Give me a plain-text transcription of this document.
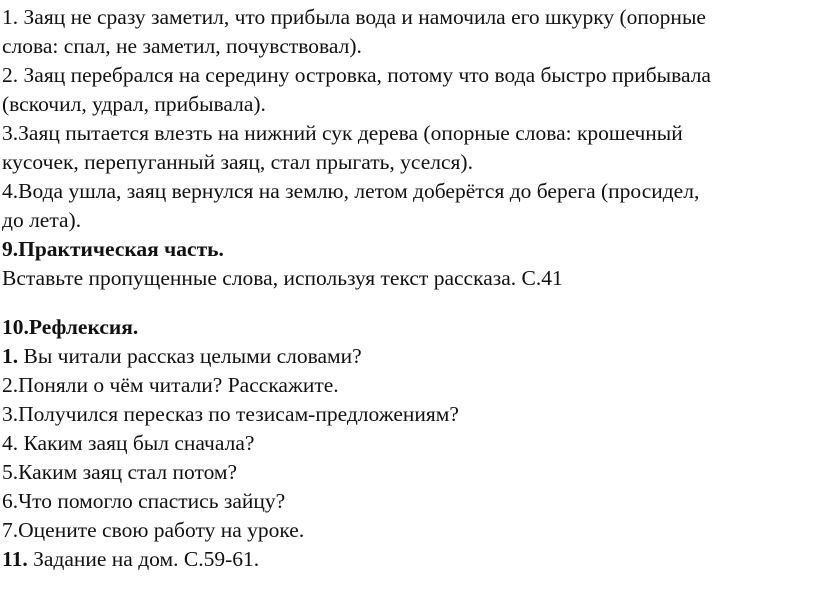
1. Заяц не сразу заметил, что прибыла вода и намочила его шкурку (опорные
слова: спал, не заметил, почувствовал).
2. Заяц перебрался на середину островка, потому что вода быстро прибывала
(вскочил, удрал, прибывала).
3.Заяц пытается влезть на нижний сук дерева (опорные слова: крошечный
кусочек, перепуганный заяц, стал прыгать, уселся).
4.Вода ушла, заяц вернулся на землю, летом доберётся до берега (просидел,
до лета).
9.Практическая часть.
Вставьте пропущенные слова, используя текст рассказа. С.41
10.Рефлексия.
1. Вы читали рассказ целыми словами?
2.Поняли о чём читали? Расскажите.
3.Получился пересказ по тезисам-предложениям?
4. Каким заяц был сначала?
5.Каким заяц стал потом?
6.Что помогло спастись зайцу?
7.Оцените свою работу на уроке.
11. Задание на дом. С.59-61.
